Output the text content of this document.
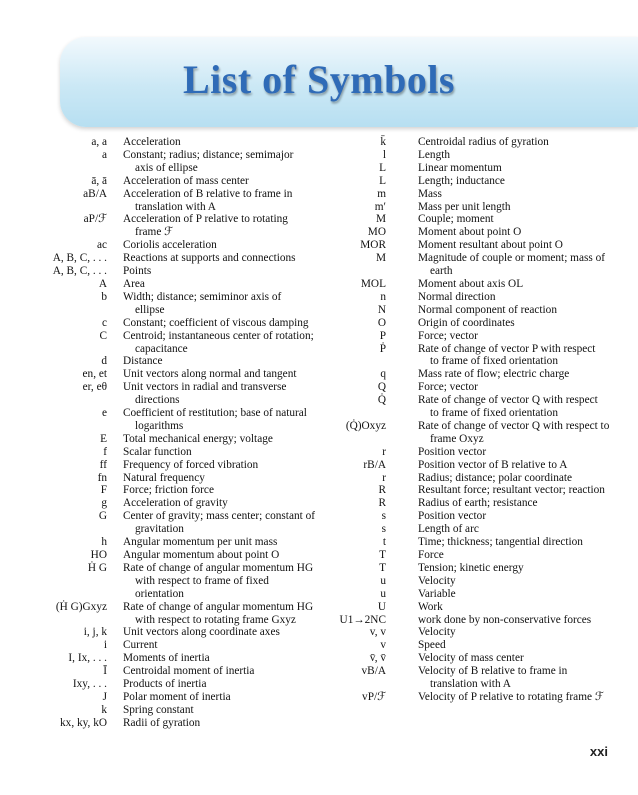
List of Symbols
a, a	Acceleration
a	Constant; radius; distance; semimajor
axis of ellipse
ā, ā	Acceleration of mass center
aB/A	Acceleration of B relative to frame in
translation with A
aP/ℱ	Acceleration of P relative to rotating
frame ℱ
ac	Coriolis acceleration
A, B, C, . . .	Reactions at supports and connections
A, B, C, . . .	Points
A	Area
b	Width; distance; semiminor axis of
ellipse
c	Constant; coefficient of viscous damping
C	Centroid; instantaneous center of rotation;
capacitance
d	Distance
en, et	Unit vectors along normal and tangent
er, eθ	Unit vectors in radial and transverse
directions
e	Coefficient of restitution; base of natural
logarithms
E	Total mechanical energy; voltage
f	Scalar function
ff	Frequency of forced vibration
fn	Natural frequency
F	Force; friction force
g	Acceleration of gravity
G	Center of gravity; mass center; constant of
gravitation
h	Angular momentum per unit mass
HO	Angular momentum about point O
Ḣ G	Rate of change of angular momentum HG
with respect to frame of fixed orientation
(Ḣ G)Gxyz	Rate of change of angular momentum HG
with respect to rotating frame Gxyz
i, j, k	Unit vectors along coordinate axes
i	Current
I, Ix, . . .	Moments of inertia
Ī	Centroidal moment of inertia
Ixy, . . .	Products of inertia
J	Polar moment of inertia
k	Spring constant
kx, ky, kO	Radii of gyration
k̄	Centroidal radius of gyration
l	Length
L	Linear momentum
L	Length; inductance
m	Mass
m′	Mass per unit length
M	Couple; moment
MO	Moment about point O
MOR	Moment resultant about point O
M	Magnitude of couple or moment; mass of
earth
MOL	Moment about axis OL
n	Normal direction
N	Normal component of reaction
O	Origin of coordinates
P	Force; vector
Ṗ	Rate of change of vector P with respect
to frame of fixed orientation
q	Mass rate of flow; electric charge
Q	Force; vector
Q̇	Rate of change of vector Q with respect
to frame of fixed orientation
(Q̇)Oxyz	Rate of change of vector Q with respect to
frame Oxyz
r	Position vector
rB/A	Position vector of B relative to A
r	Radius; distance; polar coordinate
R	Resultant force; resultant vector; reaction
R	Radius of earth; resistance
s	Position vector
s	Length of arc
t	Time; thickness; tangential direction
T	Force
T	Tension; kinetic energy
u	Velocity
u	Variable
U	Work
U1→2NC	work done by non-conservative forces
v, v	Velocity
v	Speed
v̄, v̄	Velocity of mass center
vB/A	Velocity of B relative to frame in
translation with A
vP/ℱ	Velocity of P relative to rotating frame ℱ
xxi
